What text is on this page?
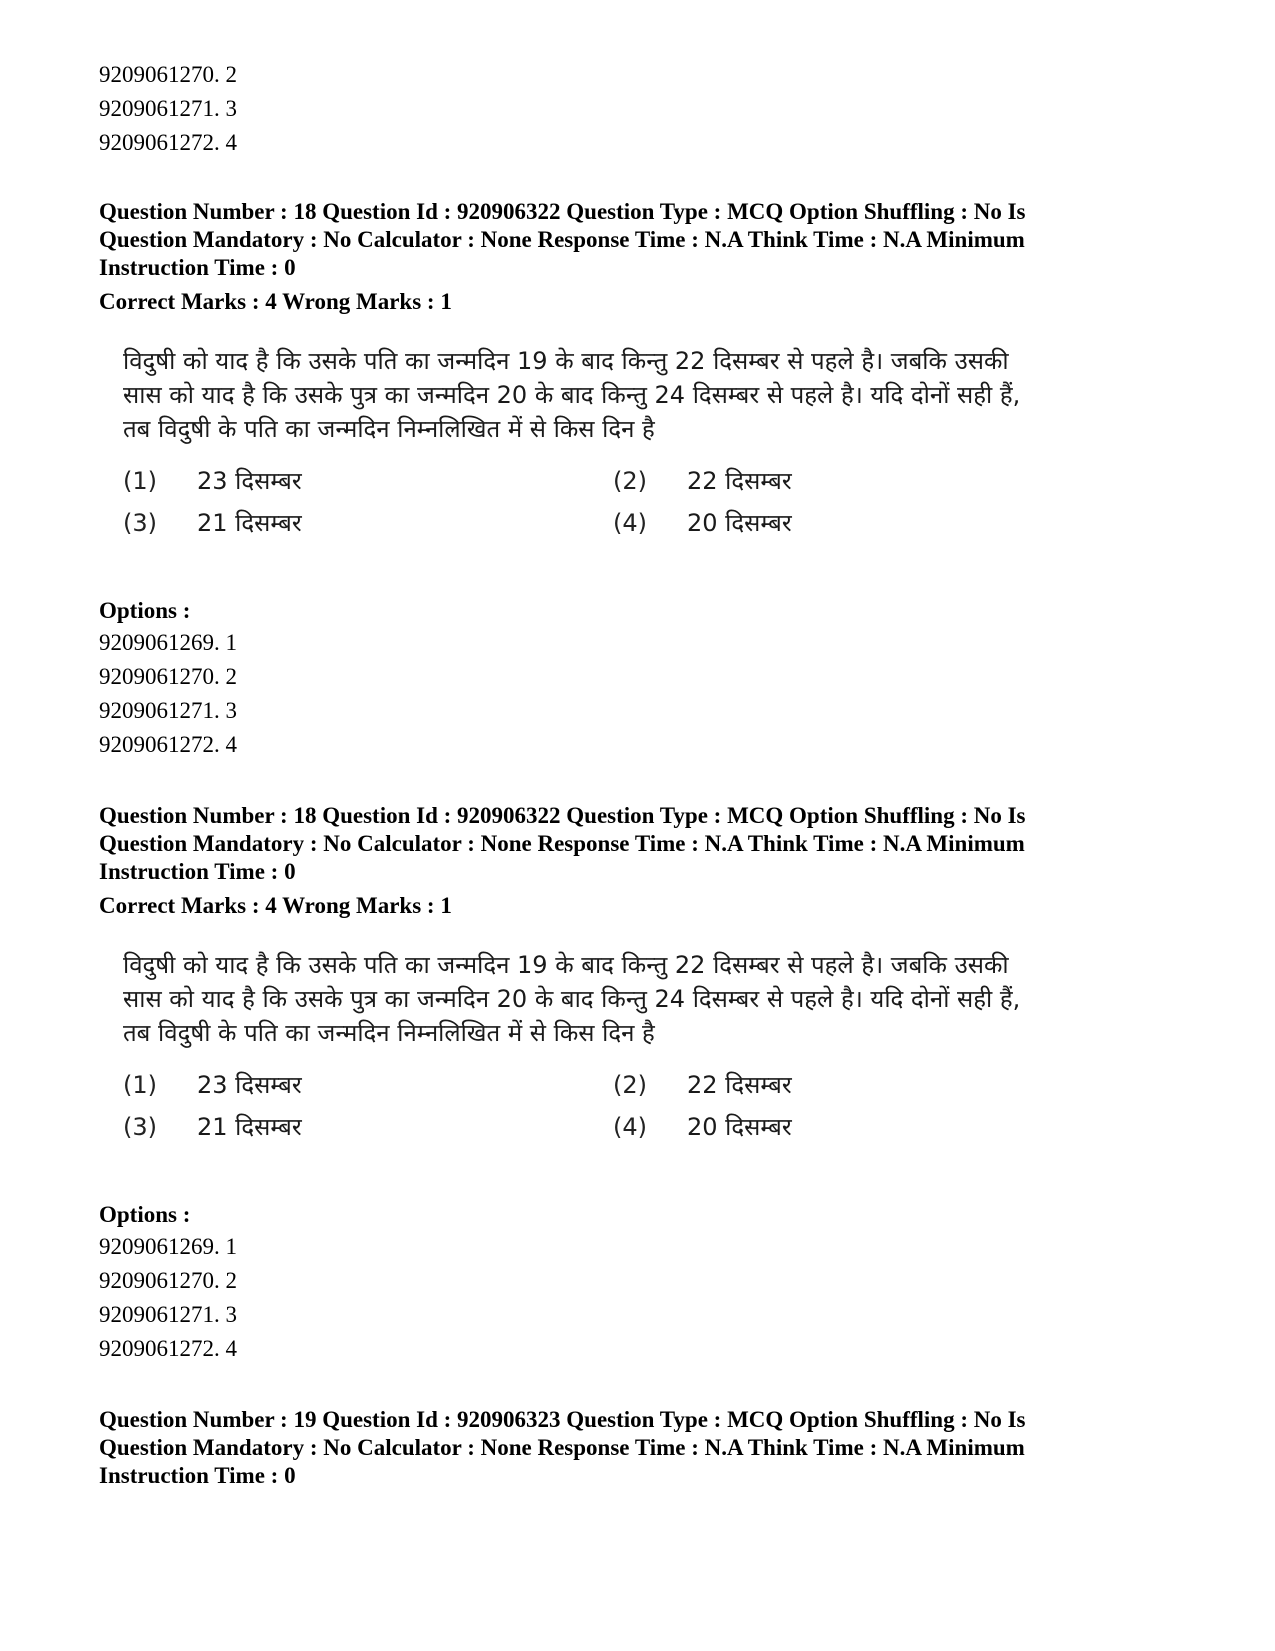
9209061270. 2
9209061271. 3
9209061272. 4
Question Number : 18 Question Id : 920906322 Question Type : MCQ Option Shuffling : No Is
Question Mandatory : No Calculator : None Response Time : N.A Think Time : N.A Minimum
Instruction Time : 0
Correct Marks : 4 Wrong Marks : 1
विदुषी को याद है कि उसके पति का जन्मदिन 19 के बाद किन्तु 22 दिसम्बर से पहले है। जबकि उसकी
सास को याद है कि उसके पुत्र का जन्मदिन 20 के बाद किन्तु 24 दिसम्बर से पहले है। यदि दोनों सही हैं,
तब विदुषी के पति का जन्मदिन निम्नलिखित में से किस दिन है
(1)	23 दिसम्बर	(2)	22 दिसम्बर
(3)	21 दिसम्बर	(4)	20 दिसम्बर
Options :
9209061269. 1
9209061270. 2
9209061271. 3
9209061272. 4
Question Number : 18 Question Id : 920906322 Question Type : MCQ Option Shuffling : No Is
Question Mandatory : No Calculator : None Response Time : N.A Think Time : N.A Minimum
Instruction Time : 0
Correct Marks : 4 Wrong Marks : 1
विदुषी को याद है कि उसके पति का जन्मदिन 19 के बाद किन्तु 22 दिसम्बर से पहले है। जबकि उसकी
सास को याद है कि उसके पुत्र का जन्मदिन 20 के बाद किन्तु 24 दिसम्बर से पहले है। यदि दोनों सही हैं,
तब विदुषी के पति का जन्मदिन निम्नलिखित में से किस दिन है
(1)	23 दिसम्बर	(2)	22 दिसम्बर
(3)	21 दिसम्बर	(4)	20 दिसम्बर
Options :
9209061269. 1
9209061270. 2
9209061271. 3
9209061272. 4
Question Number : 19 Question Id : 920906323 Question Type : MCQ Option Shuffling : No Is
Question Mandatory : No Calculator : None Response Time : N.A Think Time : N.A Minimum
Instruction Time : 0
